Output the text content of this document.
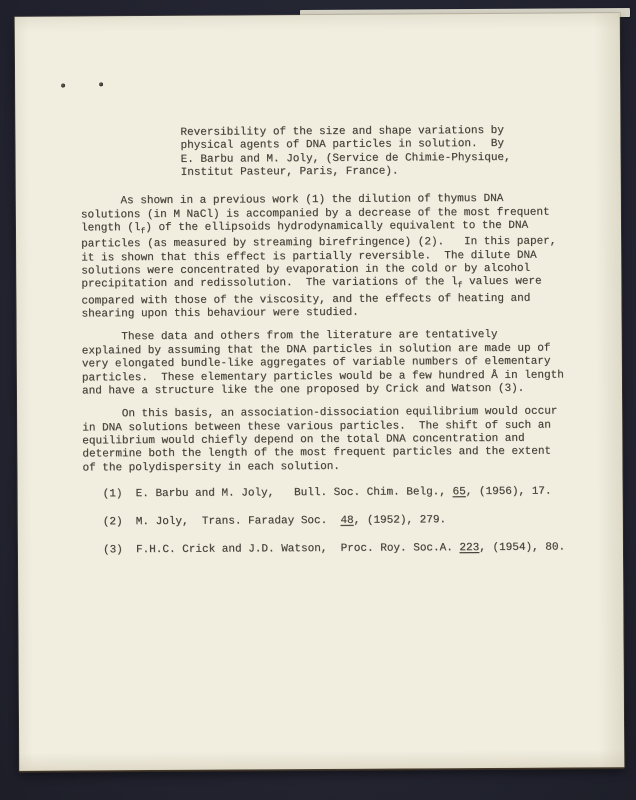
Reversibility of the size and shape variations by
physical agents of DNA particles in solution.  By
E. Barbu and M. Joly, (Service de Chimie-Physique,
Institut Pasteur, Paris, France).
As shown in a previous work (1) the dilution of thymus DNA
solutions (in M NaCl) is accompanied by a decrease of the most frequent
length $(l_f)$ of the ellipsoids hydrodynamically equivalent to the DNA
particles (as measured by streaming birefringence) (2).   In this paper,
it is shown that this effect is partially reversible.  The dilute DNA
solutions were concentrated by evaporation in the cold or by alcohol
precipitation and redissolution.  The variations of the $l_f$ values were
compared with those of the viscosity, and the effects of heating and
shearing upon this behaviour were studied.
These data and others from the literature are tentatively
explained by assuming that the DNA particles in solution are made up of
very elongated bundle-like aggregates of variable numbers of elementary
particles.  These elementary particles would be a few hundred Å in length
and have a structure like the one proposed by Crick and Watson (3).
On this basis, an association-dissociation equilibrium would occur
in DNA solutions between these various particles.  The shift of such an
equilibrium would chiefly depend on the total DNA concentration and
determine both the length of the most frequent particles and the extent
of the polydispersity in each solution.
(1)  E. Barbu and M. Joly,   Bull. Soc. Chim. Belg., 65, (1956), 17.
(2)  M. Joly,  Trans. Faraday Soc.  48, (1952), 279.
(3)  F.H.C. Crick and J.D. Watson,  Proc. Roy. Soc.A. 223, (1954), 80.
